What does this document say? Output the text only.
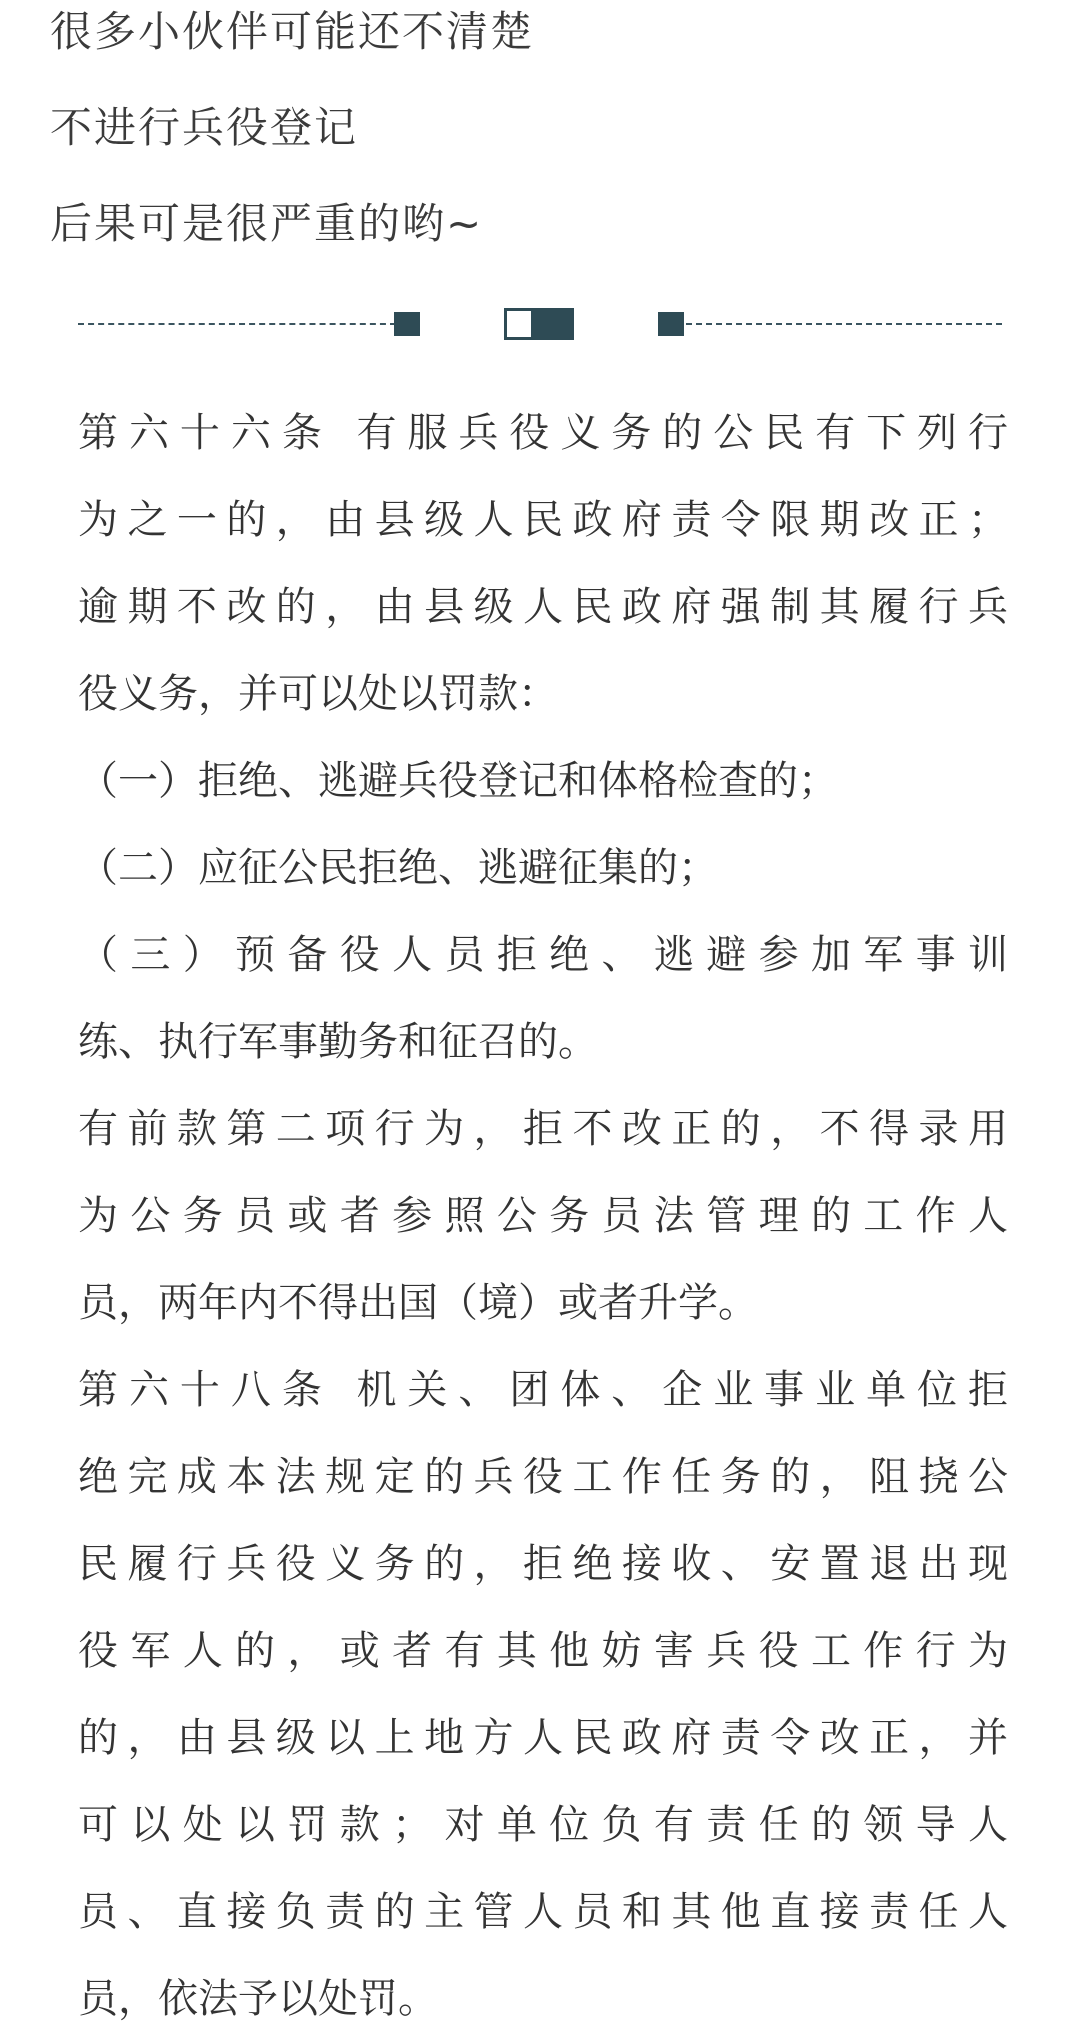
很多小伙伴可能还不清楚
不进行兵役登记
后果可是很严重的哟~
第六十六条 有服兵役义务的公民有下列行
为之一的，由县级人民政府责令限期改正；
逾期不改的，由县级人民政府强制其履行兵
役义务，并可以处以罚款：
（一）拒绝、逃避兵役登记和体格检查的；
（二）应征公民拒绝、逃避征集的；
（三）预备役人员拒绝、逃避参加军事训
练、执行军事勤务和征召的。
有前款第二项行为，拒不改正的，不得录用
为公务员或者参照公务员法管理的工作人
员，两年内不得出国（境）或者升学。
第六十八条 机关、团体、企业事业单位拒
绝完成本法规定的兵役工作任务的，阻挠公
民履行兵役义务的，拒绝接收、安置退出现
役军人的，或者有其他妨害兵役工作行为
的，由县级以上地方人民政府责令改正，并
可以处以罚款；对单位负有责任的领导人
员、直接负责的主管人员和其他直接责任人
员，依法予以处罚。
